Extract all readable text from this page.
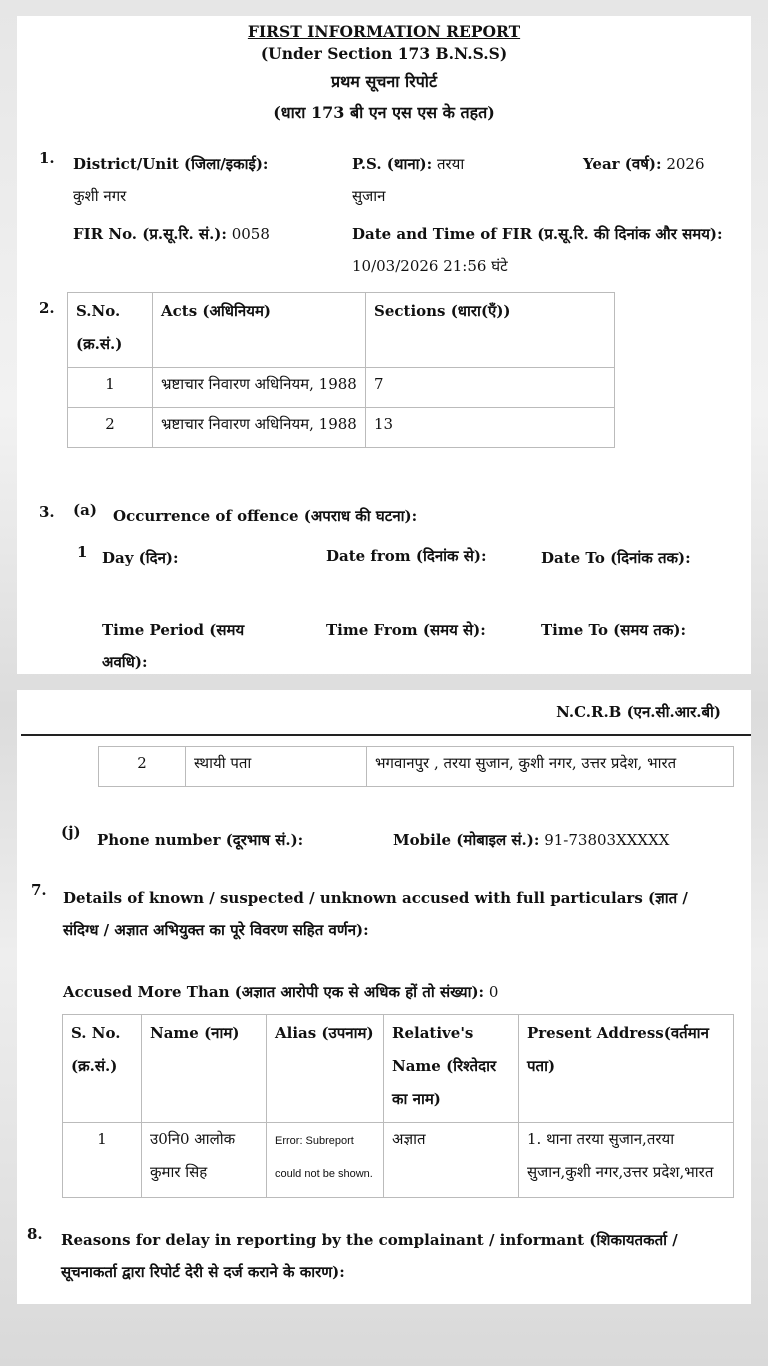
FIRST INFORMATION REPORT
(Under Section 173 B.N.S.S)
प्रथम सूचना रिपोर्ट
(धारा 173 बी एन एस एस के तहत)
1. District/Unit (जिला/इकाई): कुशी नगर
P.S. (थाना): तरया सुजान
Year (वर्ष): 2026
FIR No. (प्र.सू.रि. सं.): 0058	Date and Time of FIR (प्र.सू.रि. की दिनांक और समय): 10/03/2026 21:56 घंटे
2. S.No. (क्र.सं.)	Acts (अधिनियम)	Sections (धारा(एँ))
1	भ्रष्टाचार निवारण अधिनियम, 1988	7
2	भ्रष्टाचार निवारण अधिनियम, 1988	13
3. (a) Occurrence of offence (अपराध की घटना):
1 Day (दिन):	Date from (दिनांक से):	Date To (दिनांक तक):
Time Period (समय अवधि):
Time From (समय से):	Time To (समय तक):
N.C.R.B (एन.सी.आर.बी)
2	स्थायी पता	भगवानपुर , तरया सुजान, कुशी नगर, उत्तर प्रदेश, भारत
(j) Phone number (दूरभाष सं.):	Mobile (मोबाइल सं.): 91-73803XXXXX
7. Details of known / suspected / unknown accused with full particulars (ज्ञात / संदिग्ध / अज्ञात अभियुक्त का पूरे विवरण सहित वर्णन):
Accused More Than (अज्ञात आरोपी एक से अधिक हों तो संख्या): 0
S. No. (क्र.सं.)	Name (नाम)	Alias (उपनाम)	Relative's Name (रिश्तेदार का नाम)	Present Address(वर्तमान पता)
1	उ0नि0 आलोक कुमार सिह	Error: Subreport could not be shown.	अज्ञात	1. थाना तरया सुजान,तरया सुजान,कुशी नगर,उत्तर प्रदेश,भारत
8. Reasons for delay in reporting by the complainant / informant (शिकायतकर्ता / सूचनाकर्ता द्वारा रिपोर्ट देरी से दर्ज कराने के कारण):
